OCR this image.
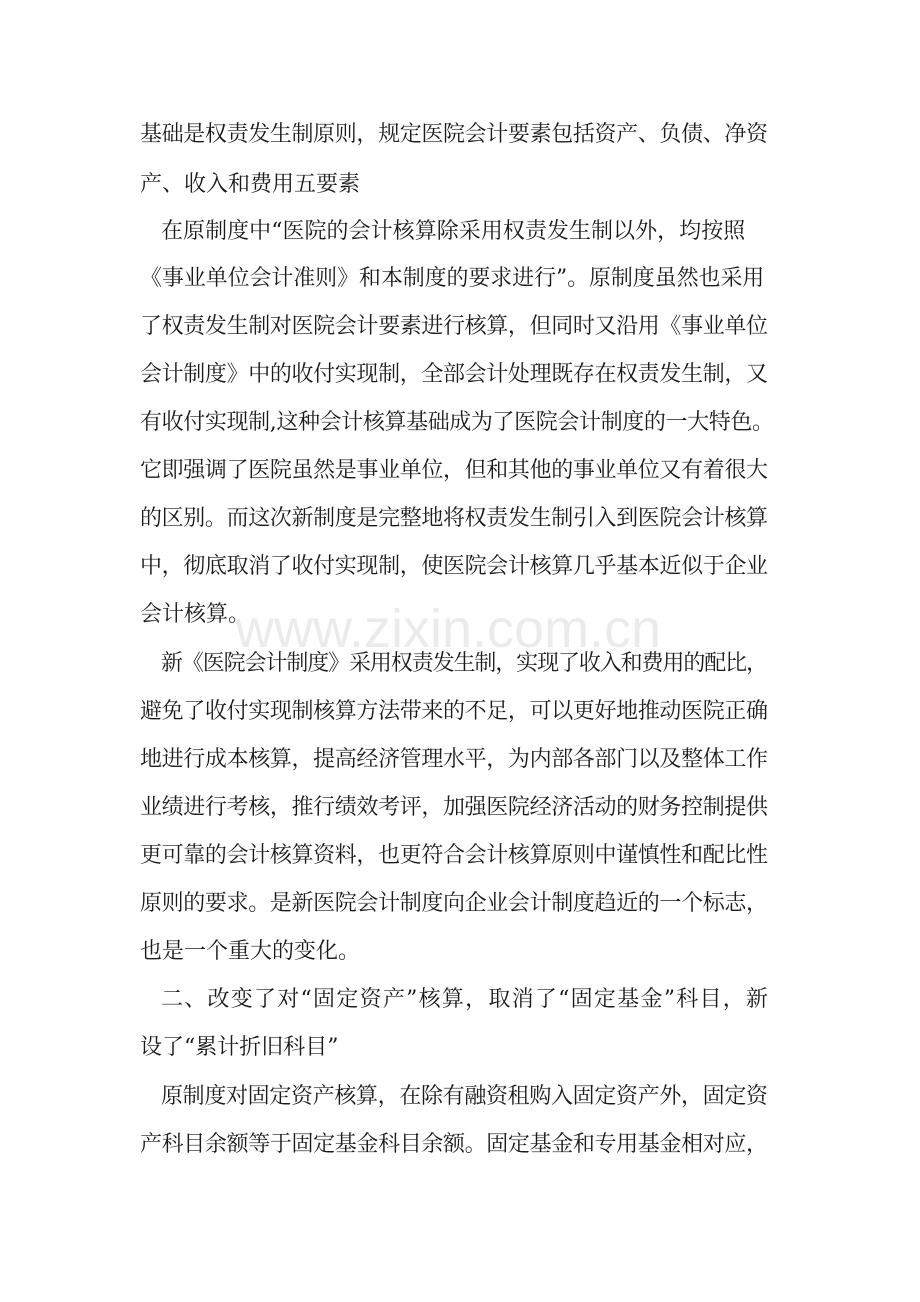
www.zixin.com.cn
基础是权责发生制原则，规定医院会计要素包括资产、负债、净资
产、收入和费用五要素
在原制度中“医院的会计核算除采用权责发生制以外，均按照
《事业单位会计准则》和本制度的要求进行”。原制度虽然也采用
了权责发生制对医院会计要素进行核算，但同时又沿用《事业单位
会计制度》中的收付实现制，全部会计处理既存在权责发生制，又
有收付实现制,这种会计核算基础成为了医院会计制度的一大特色。
它即强调了医院虽然是事业单位，但和其他的事业单位又有着很大
的区别。而这次新制度是完整地将权责发生制引入到医院会计核算
中，彻底取消了收付实现制，使医院会计核算几乎基本近似于企业
会计核算。
新《医院会计制度》采用权责发生制，实现了收入和费用的配比，
避免了收付实现制核算方法带来的不足，可以更好地推动医院正确
地进行成本核算，提高经济管理水平，为内部各部门以及整体工作
业绩进行考核，推行绩效考评，加强医院经济活动的财务控制提供
更可靠的会计核算资料，也更符合会计核算原则中谨慎性和配比性
原则的要求。是新医院会计制度向企业会计制度趋近的一个标志，
也是一个重大的变化。
二、改变了对“固定资产”核算，取消了“固定基金”科目，新
设了“累计折旧科目”
原制度对固定资产核算，在除有融资租购入固定资产外，固定资
产科目余额等于固定基金科目余额。固定基金和专用基金相对应，
